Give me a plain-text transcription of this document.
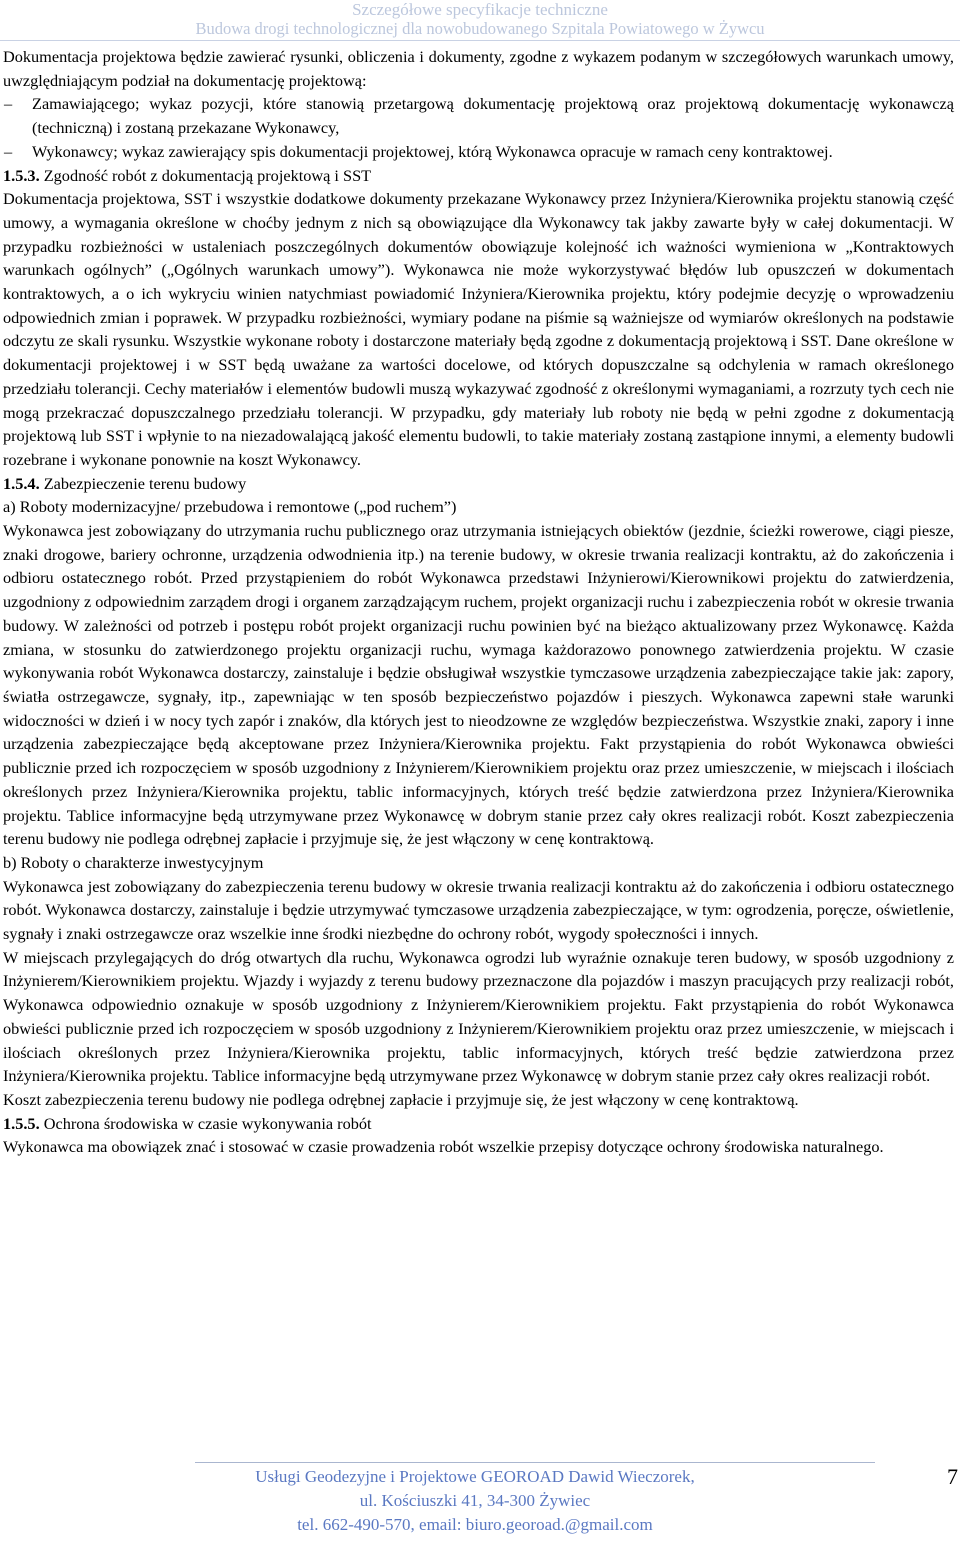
Szczegółowe specyfikacje techniczne
Budowa drogi technologicznej dla nowobudowanego Szpitala Powiatowego w Żywcu

Dokumentacja projektowa będzie zawierać rysunki, obliczenia i dokumenty, zgodne z wykazem podanym w szczegółowych warunkach umowy, uwzględniającym podział na dokumentację projektową:

–	Zamawiającego; wykaz pozycji, które stanowią przetargową dokumentację projektową oraz projektową dokumentację wykonawczą (techniczną) i zostaną przekazane Wykonawcy,

–	Wykonawcy; wykaz zawierający spis dokumentacji projektowej, którą Wykonawca opracuje w ramach ceny kontraktowej.

1.5.3. Zgodność robót z dokumentacją projektową i SST

Dokumentacja projektowa, SST i wszystkie dodatkowe dokumenty przekazane Wykonawcy przez Inżyniera/Kierownika projektu stanowią część umowy, a wymagania określone w choćby jednym z nich są obowiązujące dla Wykonawcy tak jakby zawarte były w całej dokumentacji. W przypadku rozbieżności w ustaleniach poszczególnych dokumentów obowiązuje kolejność ich ważności wymieniona w „Kontraktowych warunkach ogólnych” („Ogólnych warunkach umowy”). Wykonawca nie może wykorzystywać błędów lub opuszczeń w dokumentach kontraktowych, a o ich wykryciu winien natychmiast powiadomić Inżyniera/Kierownika projektu, który podejmie decyzję o wprowadzeniu odpowiednich zmian i poprawek. W przypadku rozbieżności, wymiary podane na piśmie są ważniejsze od wymiarów określonych na podstawie odczytu ze skali rysunku. Wszystkie wykonane roboty i dostarczone materiały będą zgodne z dokumentacją projektową i SST. Dane określone w dokumentacji projektowej i w SST będą uważane za wartości docelowe, od których dopuszczalne są odchylenia w ramach określonego przedziału tolerancji. Cechy materiałów i elementów budowli muszą wykazywać zgodność z określonymi wymaganiami, a rozrzuty tych cech nie mogą przekraczać dopuszczalnego przedziału tolerancji. W przypadku, gdy materiały lub roboty nie będą w pełni zgodne z dokumentacją projektową lub SST i wpłynie to na niezadowalającą jakość elementu budowli, to takie materiały zostaną zastąpione innymi, a elementy budowli rozebrane i wykonane ponownie na koszt Wykonawcy.

1.5.4. Zabezpieczenie terenu budowy

a) Roboty modernizacyjne/ przebudowa i remontowe („pod ruchem”)

Wykonawca jest zobowiązany do utrzymania ruchu publicznego oraz utrzymania istniejących obiektów (jezdnie, ścieżki rowerowe, ciągi piesze, znaki drogowe, bariery ochronne, urządzenia odwodnienia itp.) na terenie budowy, w okresie trwania realizacji kontraktu, aż do zakończenia i odbioru ostatecznego robót. Przed przystąpieniem do robót Wykonawca przedstawi Inżynierowi/Kierownikowi projektu do zatwierdzenia, uzgodniony z odpowiednim zarządem drogi i organem zarządzającym ruchem, projekt organizacji ruchu i zabezpieczenia robót w okresie trwania budowy. W zależności od potrzeb i postępu robót projekt organizacji ruchu powinien być na bieżąco aktualizowany przez Wykonawcę. Każda zmiana, w stosunku do zatwierdzonego projektu organizacji ruchu, wymaga każdorazowo ponownego zatwierdzenia projektu. W czasie wykonywania robót Wykonawca dostarczy, zainstaluje i będzie obsługiwał wszystkie tymczasowe urządzenia zabezpieczające takie jak: zapory, światła ostrzegawcze, sygnały, itp., zapewniając w ten sposób bezpieczeństwo pojazdów i pieszych. Wykonawca zapewni stałe warunki widoczności w dzień i w nocy tych zapór i znaków, dla których jest to nieodzowne ze względów bezpieczeństwa. Wszystkie znaki, zapory i inne urządzenia zabezpieczające będą akceptowane przez Inżyniera/Kierownika projektu. Fakt przystąpienia do robót Wykonawca obwieści publicznie przed ich rozpoczęciem w sposób uzgodniony z Inżynierem/Kierownikiem projektu oraz przez umieszczenie, w miejscach i ilościach określonych przez Inżyniera/Kierownika projektu, tablic informacyjnych, których treść będzie zatwierdzona przez Inżyniera/Kierownika projektu. Tablice informacyjne będą utrzymywane przez Wykonawcę w dobrym stanie przez cały okres realizacji robót. Koszt zabezpieczenia terenu budowy nie podlega odrębnej zapłacie i przyjmuje się, że jest włączony w cenę kontraktową.

b) Roboty o charakterze inwestycyjnym

Wykonawca jest zobowiązany do zabezpieczenia terenu budowy w okresie trwania realizacji kontraktu aż do zakończenia i odbioru ostatecznego robót. Wykonawca dostarczy, zainstaluje i będzie utrzymywać tymczasowe urządzenia zabezpieczające, w tym: ogrodzenia, poręcze, oświetlenie, sygnały i znaki ostrzegawcze oraz wszelkie inne środki niezbędne do ochrony robót, wygody społeczności i innych.

W miejscach przylegających do dróg otwartych dla ruchu, Wykonawca ogrodzi lub wyraźnie oznakuje teren budowy, w sposób uzgodniony z Inżynierem/Kierownikiem projektu. Wjazdy i wyjazdy z terenu budowy przeznaczone dla pojazdów i maszyn pracujących przy realizacji robót, Wykonawca odpowiednio oznakuje w sposób uzgodniony z Inżynierem/Kierownikiem projektu. Fakt przystąpienia do robót Wykonawca obwieści publicznie przed ich rozpoczęciem w sposób uzgodniony z Inżynierem/Kierownikiem projektu oraz przez umieszczenie, w miejscach i ilościach określonych przez Inżyniera/Kierownika projektu, tablic informacyjnych, których treść będzie zatwierdzona przez Inżyniera/Kierownika projektu. Tablice informacyjne będą utrzymywane przez Wykonawcę w dobrym stanie przez cały okres realizacji robót.

Koszt zabezpieczenia terenu budowy nie podlega odrębnej zapłacie i przyjmuje się, że jest włączony w cenę kontraktową.

1.5.5. Ochrona środowiska w czasie wykonywania robót

Wykonawca ma obowiązek znać i stosować w czasie prowadzenia robót wszelkie przepisy dotyczące ochrony środowiska naturalnego.

Usługi Geodezyjne i Projektowe GEOROAD Dawid Wieczorek,
ul. Kościuszki 41, 34-300 Żywiec
tel. 662-490-570, email: biuro.georoad.@gmail.com
7
